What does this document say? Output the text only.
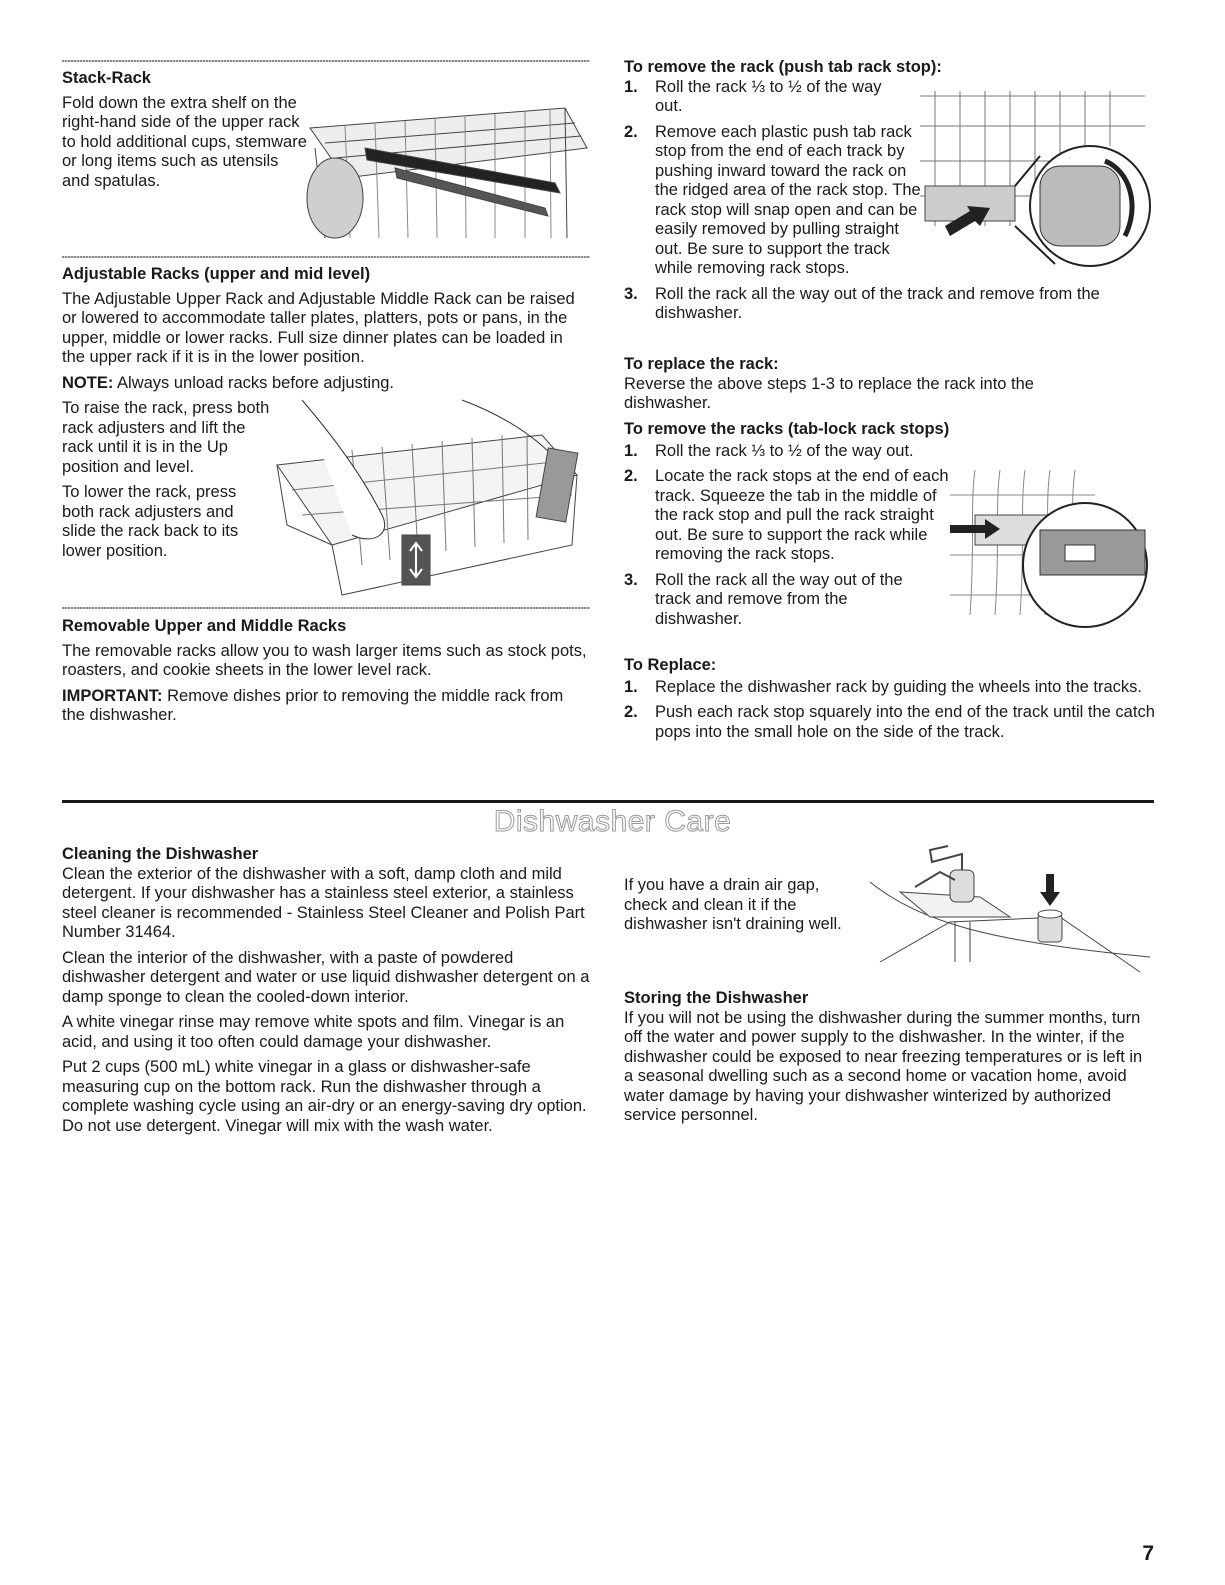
Stack-Rack

Fold down the extra shelf on the right-hand side of the upper rack to hold additional cups, stemware or long items such as utensils and spatulas.

Adjustable Racks (upper and mid level)

The Adjustable Upper Rack and Adjustable Middle Rack can be raised or lowered to accommodate taller plates, platters, pots or pans, in the upper, middle or lower racks. Full size dinner plates can be loaded in the upper rack if it is in the lower position.

NOTE: Always unload racks before adjusting.

To raise the rack, press both rack adjusters and lift the rack until it is in the Up position and level.

To lower the rack, press both rack adjusters and slide the rack back to its lower position.

Removable Upper and Middle Racks

The removable racks allow you to wash larger items such as stock pots, roasters, and cookie sheets in the lower level rack.

IMPORTANT: Remove dishes prior to removing the middle rack from the dishwasher.

To remove the rack (push tab rack stop):
1. Roll the rack ⅓ to ½ of the way out.
2. Remove each plastic push tab rack stop from the end of each track by pushing inward toward the rack on the ridged area of the rack stop. The rack stop will snap open and can be easily removed by pulling straight out. Be sure to support the track while removing rack stops.
3. Roll the rack all the way out of the track and remove from the dishwasher.
To replace the rack:

Reverse the above steps 1-3 to replace the rack into the dishwasher.

To remove the racks (tab-lock rack stops)
1. Roll the rack ⅓ to ½ of the way out.
2. Locate the rack stops at the end of each track. Squeeze the tab in the middle of the rack stop and pull the rack straight out. Be sure to support the rack while removing the rack stops.
3. Roll the rack all the way out of the track and remove from the dishwasher.
To Replace:
1. Replace the dishwasher rack by guiding the wheels into the tracks.
2. Push each rack stop squarely into the end of the track until the catch pops into the small hole on the side of the track.
Dishwasher Care
Cleaning the Dishwasher

Clean the exterior of the dishwasher with a soft, damp cloth and mild detergent. If your dishwasher has a stainless steel exterior, a stainless steel cleaner is recommended - Stainless Steel Cleaner and Polish Part Number 31464.

Clean the interior of the dishwasher, with a paste of powdered dishwasher detergent and water or use liquid dishwasher detergent on a damp sponge to clean the cooled-down interior.

A white vinegar rinse may remove white spots and film. Vinegar is an acid, and using it too often could damage your dishwasher.

Put 2 cups (500 mL) white vinegar in a glass or dishwasher-safe measuring cup on the bottom rack. Run the dishwasher through a complete washing cycle using an air-dry or an energy-saving dry option. Do not use detergent. Vinegar will mix with the wash water.

If you have a drain air gap, check and clean it if the dishwasher isn't draining well.

Storing the Dishwasher

If you will not be using the dishwasher during the summer months, turn off the water and power supply to the dishwasher. In the winter, if the dishwasher could be exposed to near freezing temperatures or is left in a seasonal dwelling such as a second home or vacation home, avoid water damage by having your dishwasher winterized by authorized service personnel.

7
